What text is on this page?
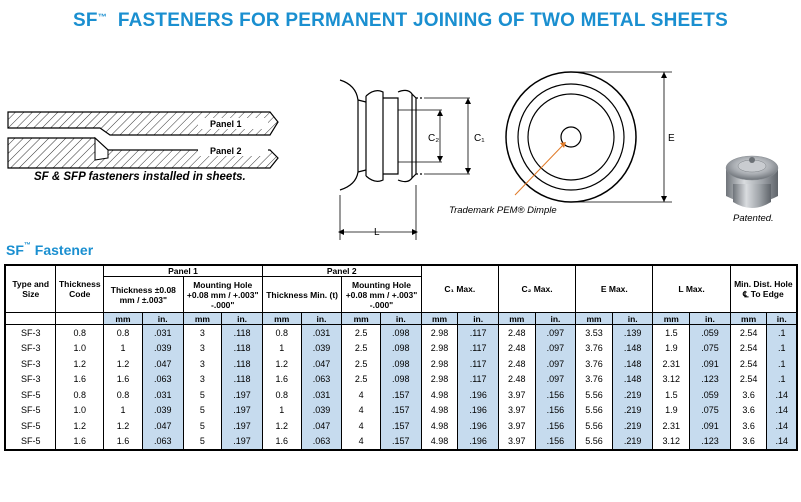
SF™  FASTENERS FOR PERMANENT JOINING OF TWO METAL SHEETS
Panel 1
Panel 2
C₂	C₁
L
E
SF & SFP fasteners installed in sheets.
Trademark PEM® Dimple
Patented.
SF™ Fastener
Type and Size	Thickness Code	Panel 1				Panel 2				C₁ Max.		C₂ Max.		E Max.		L Max.		Min. Dist. Hole ℄ To Edge	
		Thickness ±0.08 mm / ±.003"		Mounting Hole +0.08 mm / +.003" -.000"		Thickness Min. (t)		Mounting Hole +0.08 mm / +.003" -.000"											
		mm	in.	mm	in.	mm	in.	mm	in.	mm	in.	mm	in.	mm	in.	mm	in.	mm	in.
SF-3	0.8	0.8	.031	3	.118	0.8	.031	2.5	.098	2.98	.117	2.48	.097	3.53	.139	1.5	.059	2.54	.1
SF-3	1.0	1	.039	3	.118	1	.039	2.5	.098	2.98	.117	2.48	.097	3.76	.148	1.9	.075	2.54	.1
SF-3	1.2	1.2	.047	3	.118	1.2	.047	2.5	.098	2.98	.117	2.48	.097	3.76	.148	2.31	.091	2.54	.1
SF-3	1.6	1.6	.063	3	.118	1.6	.063	2.5	.098	2.98	.117	2.48	.097	3.76	.148	3.12	.123	2.54	.1
SF-5	0.8	0.8	.031	5	.197	0.8	.031	4	.157	4.98	.196	3.97	.156	5.56	.219	1.5	.059	3.6	.14
SF-5	1.0	1	.039	5	.197	1	.039	4	.157	4.98	.196	3.97	.156	5.56	.219	1.9	.075	3.6	.14
SF-5	1.2	1.2	.047	5	.197	1.2	.047	4	.157	4.98	.196	3.97	.156	5.56	.219	2.31	.091	3.6	.14
SF-5	1.6	1.6	.063	5	.197	1.6	.063	4	.157	4.98	.196	3.97	.156	5.56	.219	3.12	.123	3.6	.14
